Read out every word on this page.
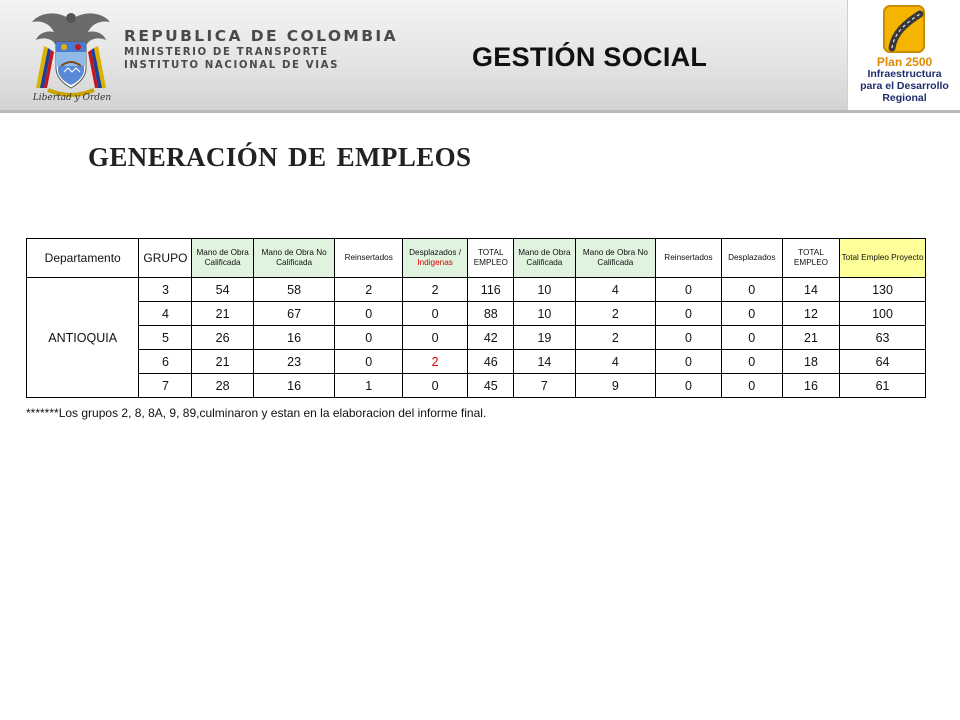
Libertad y Orden
REPUBLICA DE COLOMBIA
MINISTERIO DE TRANSPORTE
INSTITUTO NACIONAL DE VIAS	GESTIÓN SOCIAL	Plan 2500
Infraestructura
para el Desarrollo
Regional
GENERACIÓN DE EMPLEOS
Departamento	GRUPO	Mano de Obra Calificada	Mano de Obra No Calificada	Reinsertados	Desplazados /
Indigenas	TOTAL EMPLEO	Mano de Obra Calificada	Mano de Obra No Calificada	Reinsertados	Desplazados	TOTAL EMPLEO	Total Empleo Proyecto
ANTIOQUIA	3	54	58	2	2	116	10	4	0	0	14	130
	4	21	67	0	0	88	10	2	0	0	12	100
	5	26	16	0	0	42	19	2	0	0	21	63
	6	21	23	0	2	46	14	4	0	0	18	64
	7	28	16	1	0	45	7	9	0	0	16	61
*******Los grupos 2, 8, 8A, 9, 89,culminaron y estan en la elaboracion del informe final.
